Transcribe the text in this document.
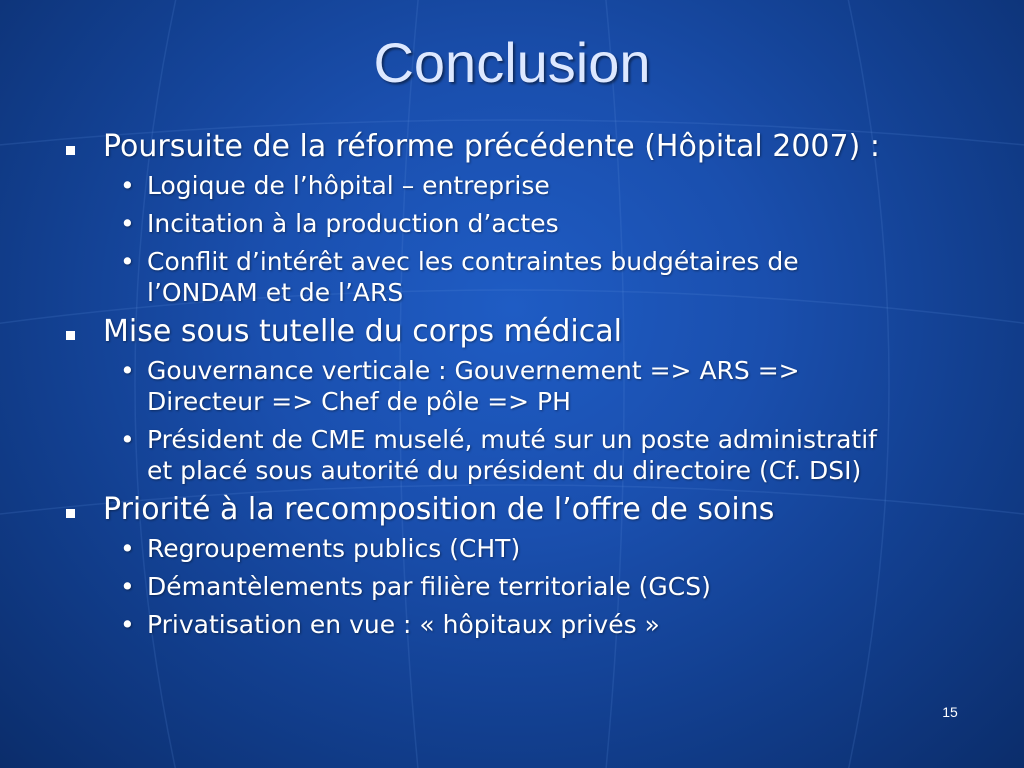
Conclusion
Poursuite de la réforme précédente (Hôpital 2007) :
• Logique de l’hôpital – entreprise
• Incitation à la production d’actes
• Conflit d’intérêt avec les contraintes budgétaires de l’ONDAM et de l’ARS
Mise sous tutelle du corps médical
• Gouvernance verticale : Gouvernement => ARS => Directeur => Chef de pôle => PH
• Président de CME muselé, muté sur un poste administratif et placé sous autorité du président du directoire (Cf. DSI)
Priorité à la recomposition de l’offre de soins
• Regroupements publics (CHT)
• Démantèlements par filière territoriale (GCS)
• Privatisation en vue : « hôpitaux privés »
15
